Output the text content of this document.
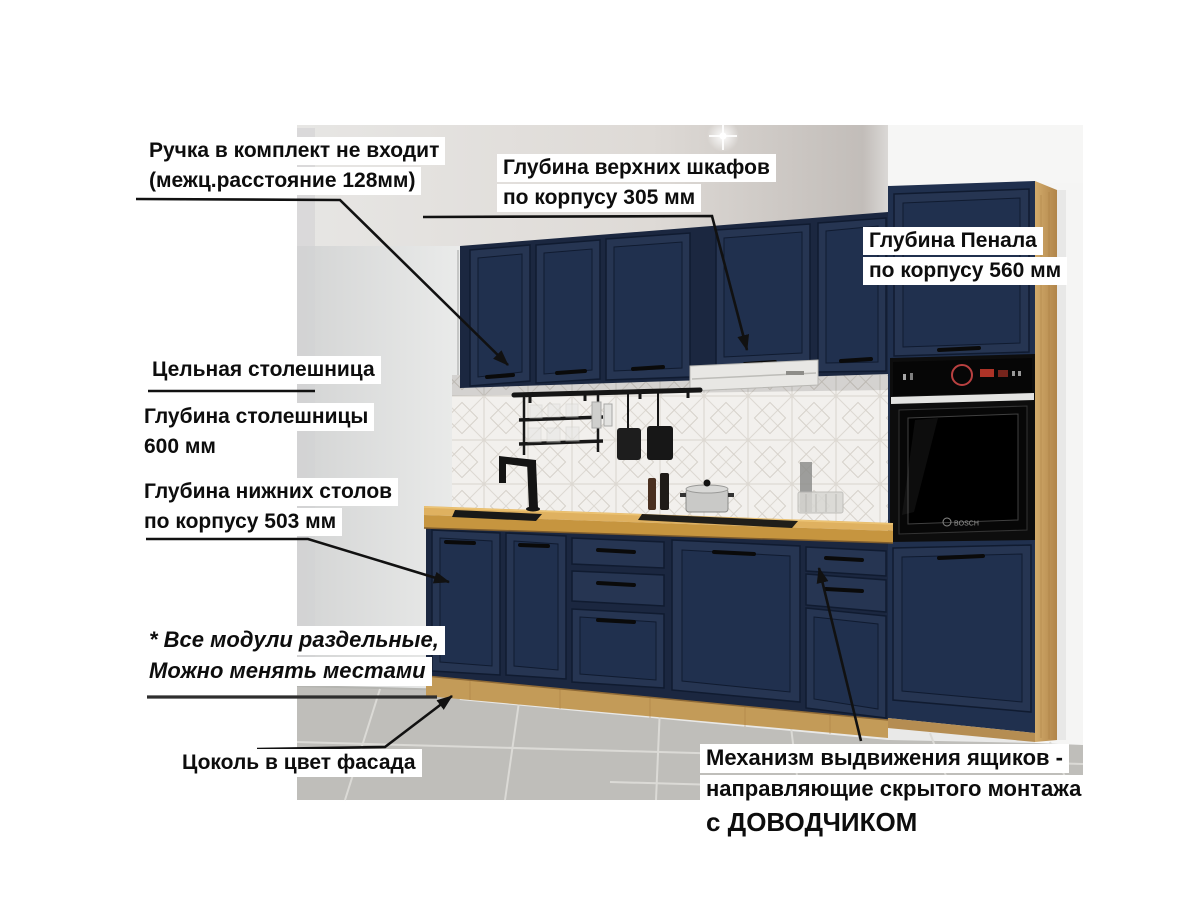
BOSCH
Ручка в комплект не входит
(межц.расстояние 128мм)
Глубина верхних шкафов
по корпусу 305 мм
Глубина Пенала
по корпусу 560 мм
Цельная столешница
Глубина столешницы
600 мм
Глубина нижних столов
по корпусу 503 мм
* Все модули раздельные,
Можно менять местами
Цоколь в цвет фасада	Механизм выдвижения ящиков -
направляющие скрытого монтажа
с ДОВОДЧИКОМ
